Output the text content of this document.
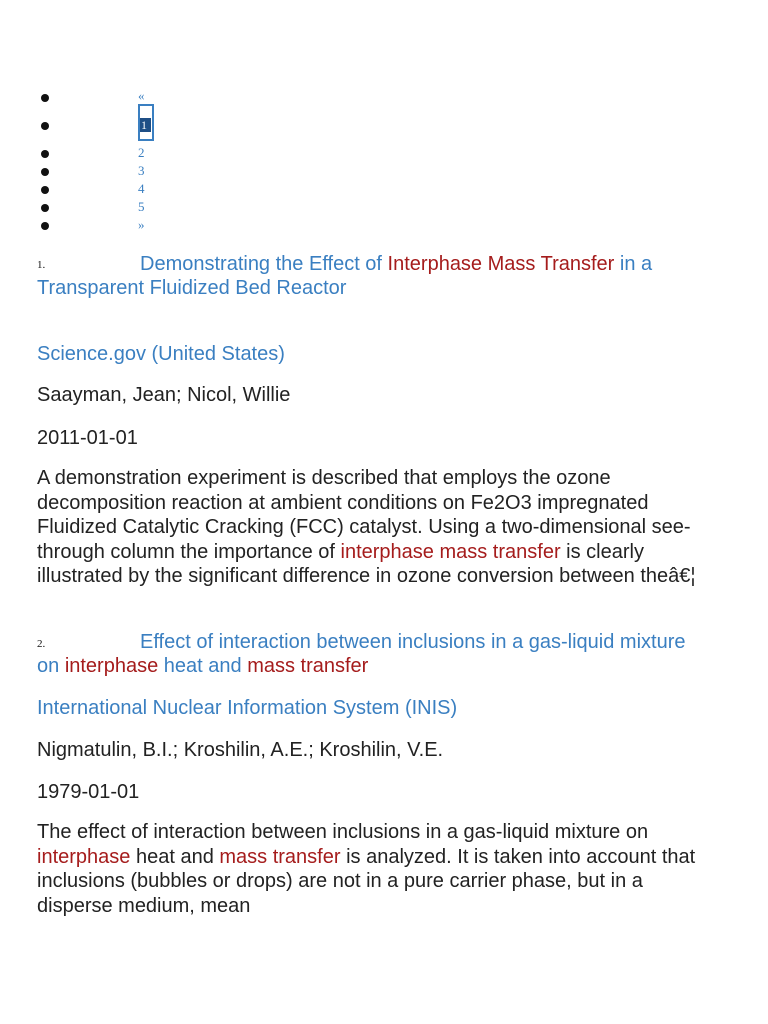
«
1
2
3
4
5
»
1.	Demonstrating the Effect of Interphase Mass Transfer in a Transparent Fluidized Bed Reactor
Science.gov (United States)
Saayman, Jean; Nicol, Willie
2011-01-01
A demonstration experiment is described that employs the ozone decomposition reaction at ambient conditions on Fe2O3 impregnated Fluidized Catalytic Cracking (FCC) catalyst. Using a two-dimensional see-through column the importance of interphase mass transfer is clearly illustrated by the significant difference in ozone conversion between theâ€¦
2.	Effect of interaction between inclusions in a gas-liquid mixture on interphase heat and mass transfer
International Nuclear Information System (INIS)
Nigmatulin, B.I.; Kroshilin, A.E.; Kroshilin, V.E.
1979-01-01
The effect of interaction between inclusions in a gas-liquid mixture on interphase heat and mass transfer is analyzed. It is taken into account that inclusions (bubbles or drops) are not in a pure carrier phase, but in a disperse medium, mean
